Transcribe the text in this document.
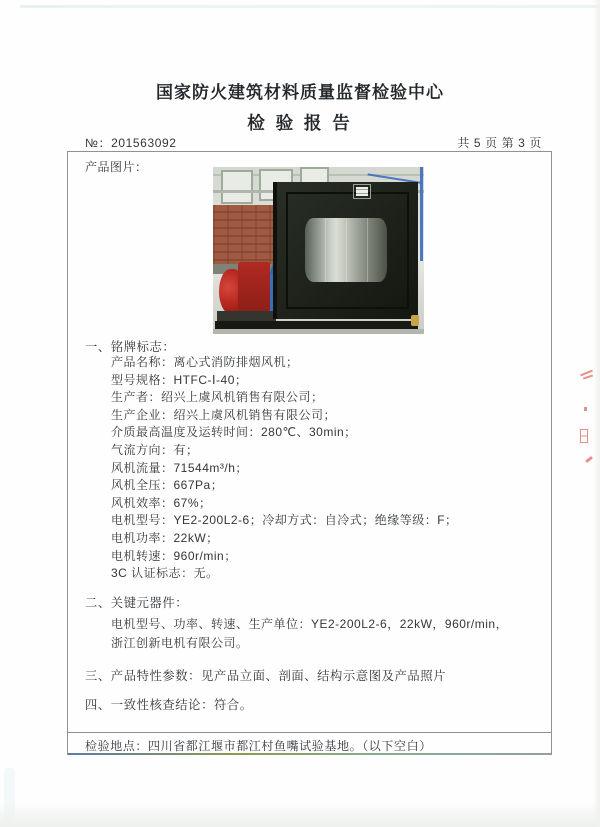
国家防火建筑材料质量监督检验中心
检 验 报 告
№：201563092	共 5 页 第 3 页
产品图片：
一、铭牌标志：
产品名称：离心式消防排烟风机；
型号规格：HTFC-Ⅰ-40；
生产者：绍兴上虞风机销售有限公司；
生产企业：绍兴上虞风机销售有限公司；
介质最高温度及运转时间：280℃、30min；
气流方向：有；
风机流量：71544m³/h；
风机全压：667Pa；
风机效率：67%；
电机型号：YE2-200L2-6；冷却方式：自冷式；绝缘等级：F；
电机功率：22kW；
电机转速：960r/min；
3C 认证标志：无。
二、关键元器件：
电机型号、功率、转速、生产单位：YE2-200L2-6，22kW，960r/min，
浙江创新电机有限公司。
三、产品特性参数：见产品立面、剖面、结构示意图及产品照片
四、一致性核查结论：符合。
检验地点：四川省都江堰市都江村鱼嘴试验基地。（以下空白）
